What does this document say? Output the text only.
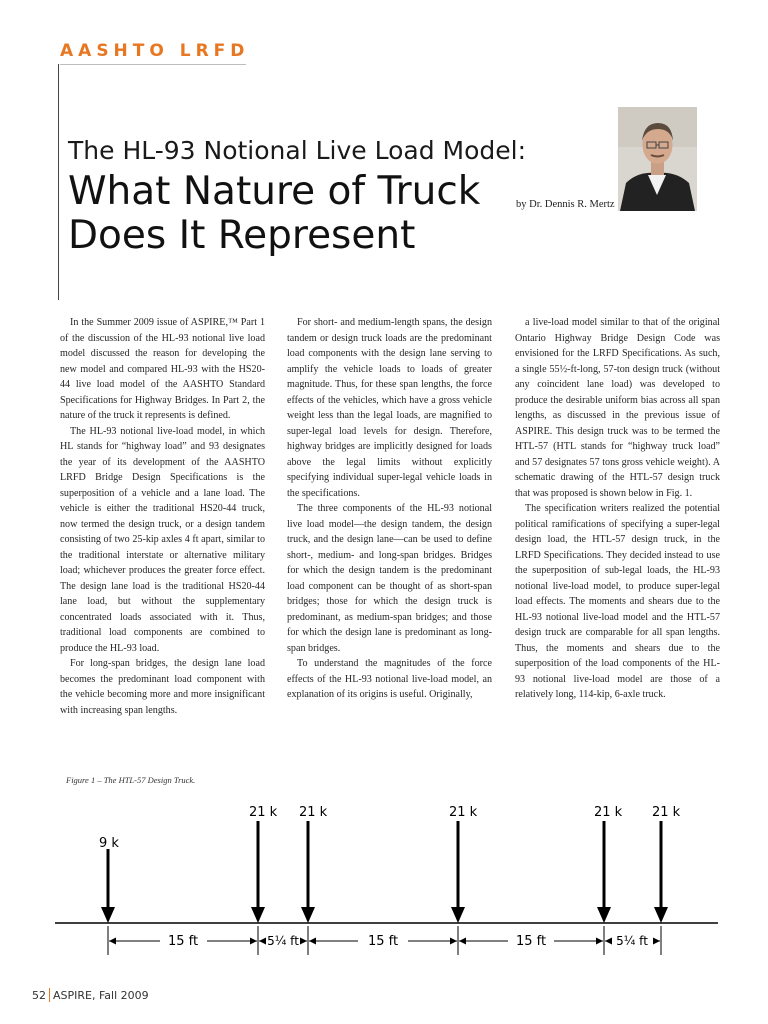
AASHTO LRFD
The HL-93 Notional Live Load Model:
What Nature of Truck Does It Represent
by Dr. Dennis R. Mertz

In the Summer 2009 issue of ASPIRE,™ Part 1 of the discussion of the HL-93 notional live load model discussed the reason for developing the new model and compared HL-93 with the HS20-44 live load model of the AASHTO Standard Specifications for Highway Bridges. In Part 2, the nature of the truck it represents is defined.

The HL-93 notional live-load model, in which HL stands for “highway load” and 93 designates the year of its development of the AASHTO LRFD Bridge Design Specifications is the superposition of a vehicle and a lane load. The vehicle is either the traditional HS20-44 truck, now termed the design truck, or a design tandem consisting of two 25-kip axles 4 ft apart, similar to the traditional interstate or alternative military load; whichever produces the greater force effect. The design lane load is the traditional HS20-44 lane load, but without the supplementary concentrated loads associated with it. Thus, traditional load components are combined to produce the HL-93 load.

For long-span bridges, the design lane load becomes the predominant load component with the vehicle becoming more and more insignificant with increasing span lengths.

For short- and medium-length spans, the design tandem or design truck loads are the predominant load components with the design lane serving to amplify the vehicle loads to loads of greater magnitude. Thus, for these span lengths, the force effects of the vehicles, which have a gross vehicle weight less than the legal loads, are magnified to super-legal load levels for design. Therefore, highway bridges are implicitly designed for loads above the legal limits without explicitly specifying individual super-legal vehicle loads in the specifications.

The three components of the HL-93 notional live load model—the design tandem, the design truck, and the design lane—can be used to define short-, medium- and long-span bridges. Bridges for which the design tandem is the predominant load component can be thought of as short-span bridges; those for which the design truck is predominant, as medium-span bridges; and those for which the design lane is predominant as long-span bridges.

To understand the magnitudes of the force effects of the HL-93 notional live-load model, an explanation of its origins is useful. Originally,

a live-load model similar to that of the original Ontario Highway Bridge Design Code was envisioned for the LRFD Specifications. As such, a single 55½-ft-long, 57-ton design truck (without any coincident lane load) was developed to produce the desirable uniform bias across all span lengths, as discussed in the previous issue of ASPIRE. This design truck was to be termed the HTL-57 (HTL stands for “highway truck load” and 57 designates 57 tons gross vehicle weight). A schematic drawing of the HTL-57 design truck that was proposed is shown below in Fig. 1.

The specification writers realized the potential political ramifications of specifying a super-legal design load, the HTL-57 design truck, in the LRFD Specifications. They decided instead to use the superposition of sub-legal loads, the HL-93 notional live-load model, to produce super-legal load effects. The moments and shears due to the HL-93 notional live-load model and the HTL-57 design truck are comparable for all span lengths. Thus, the moments and shears due to the superposition of the load components of the HL-93 notional live-load model are those of a relatively long, 114-kip, 6-axle truck.

Figure 1 – The HTL-57 Design Truck.
9 k
21 k 21 k	21 k	21 k 21 k
15 ft	5¼ ft	15 ft	15 ft	5¼ ft
52 ASPIRE, Fall 2009
